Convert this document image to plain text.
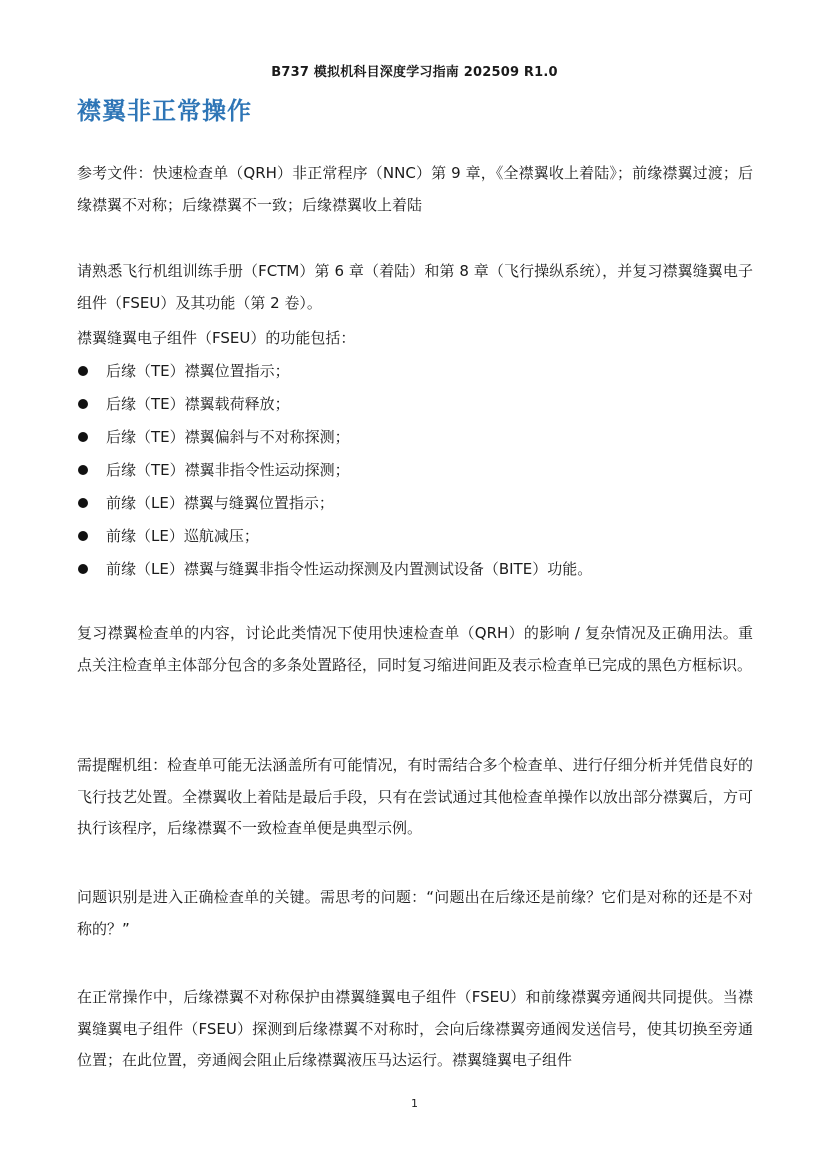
B737 模拟机科目深度学习指南 202509 R1.0
襟翼非正常操作

参考文件：快速检查单（QRH）非正常程序（NNC）第 9 章，《全襟翼收上着陆》；前缘襟翼过渡；后缘襟翼不对称；后缘襟翼不一致；后缘襟翼收上着陆

请熟悉飞行机组训练手册（FCTM）第 6 章（着陆）和第 8 章（飞行操纵系统），并复习襟翼缝翼电子组件（FSEU）及其功能（第 2 卷）。

襟翼缝翼电子组件（FSEU）的功能包括：

后缘（TE）襟翼位置指示；
后缘（TE）襟翼载荷释放；
后缘（TE）襟翼偏斜与不对称探测；
后缘（TE）襟翼非指令性运动探测；
前缘（LE）襟翼与缝翼位置指示；
前缘（LE）巡航减压；
前缘（LE）襟翼与缝翼非指令性运动探测及内置测试设备（BITE）功能。

复习襟翼检查单的内容，讨论此类情况下使用快速检查单（QRH）的影响 / 复杂情况及正确用法。重点关注检查单主体部分包含的多条处置路径，同时复习缩进间距及表示检查单已完成的黑色方框标识。

需提醒机组：检查单可能无法涵盖所有可能情况，有时需结合多个检查单、进行仔细分析并凭借良好的飞行技艺处置。全襟翼收上着陆是最后手段，只有在尝试通过其他检查单操作以放出部分襟翼后，方可执行该程序，后缘襟翼不一致检查单便是典型示例。

问题识别是进入正确检查单的关键。需思考的问题：“问题出在后缘还是前缘？它们是对称的还是不对称的？”

在正常操作中，后缘襟翼不对称保护由襟翼缝翼电子组件（FSEU）和前缘襟翼旁通阀共同提供。当襟翼缝翼电子组件（FSEU）探测到后缘襟翼不对称时，会向后缘襟翼旁通阀发送信号，使其切换至旁通位置；在此位置，旁通阀会阻止后缘襟翼液压马达运行。襟翼缝翼电子组件

1
